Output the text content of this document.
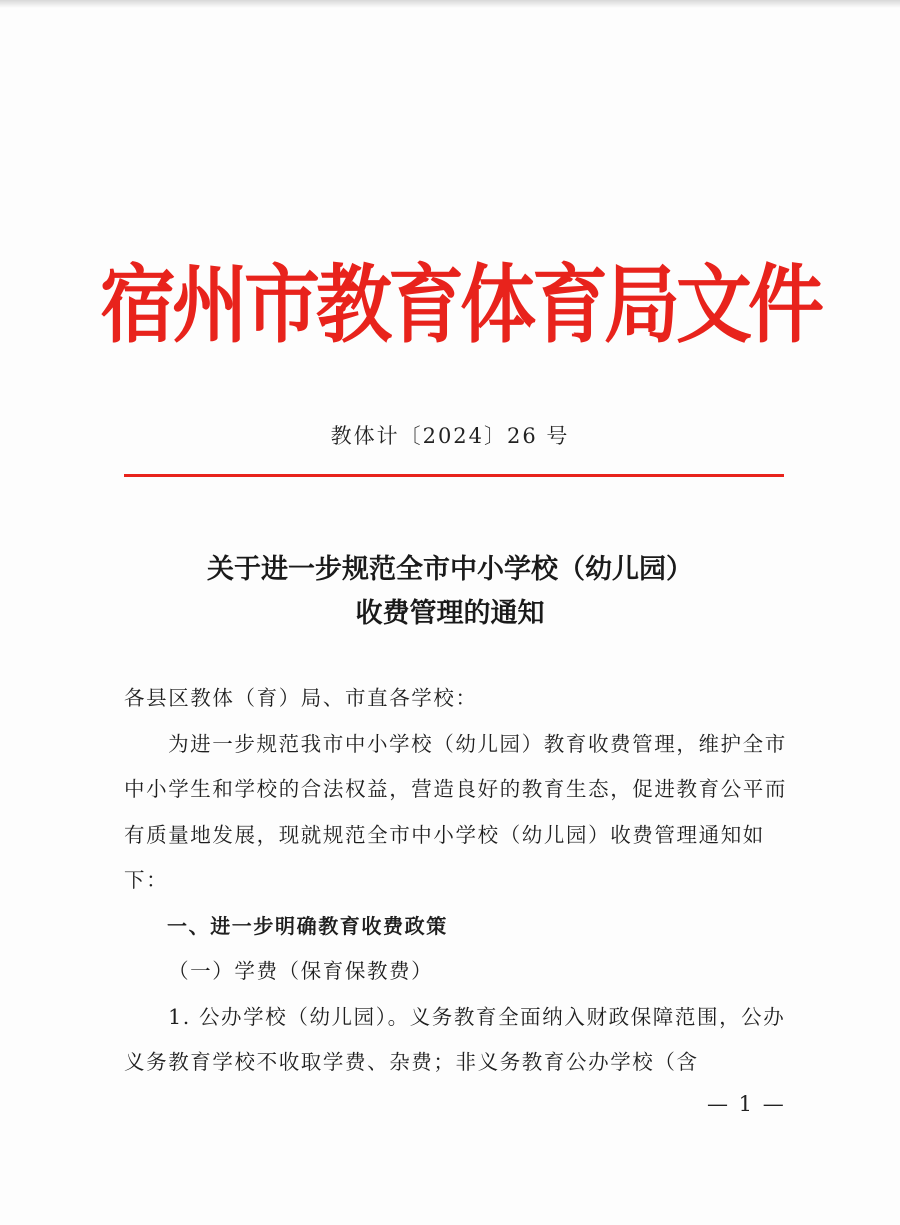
宿州市教育体育局文件
教体计〔2024〕26 号
关于进一步规范全市中小学校（幼儿园）
收费管理的通知

各县区教体（育）局、市直各学校：

为进一步规范我市中小学校（幼儿园）教育收费管理，维护全市中小学生和学校的合法权益，营造良好的教育生态，促进教育公平而有质量地发展，现就规范全市中小学校（幼儿园）收费管理通知如下：

一、进一步明确教育收费政策

（一）学费（保育保教费）

1. 公办学校（幼儿园）。义务教育全面纳入财政保障范围，公办义务教育学校不收取学费、杂费；非义务教育公办学校（含

— 1 —
